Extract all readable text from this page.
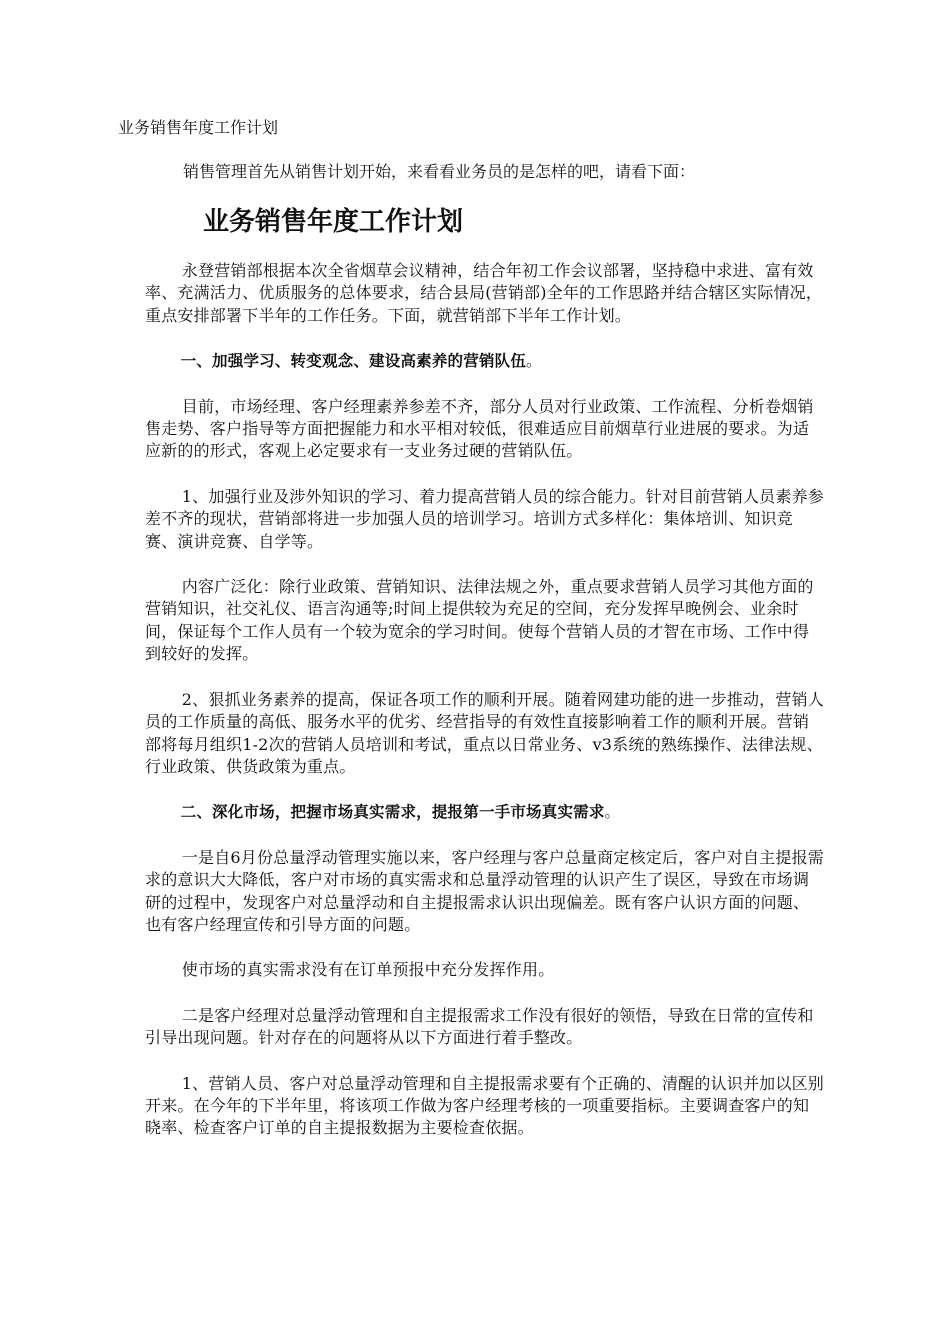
业务销售年度工作计划

销售管理首先从销售计划开始，来看看业务员的是怎样的吧，请看下面：

业务销售年度工作计划

永登营销部根据本次全省烟草会议精神，结合年初工作会议部署，坚持稳中求进、富有效率、充满活力、优质服务的总体要求，结合县局(营销部)全年的工作思路并结合辖区实际情况，重点安排部署下半年的工作任务。下面，就营销部下半年工作计划。

一、加强学习、转变观念、建设高素养的营销队伍。

目前，市场经理、客户经理素养参差不齐，部分人员对行业政策、工作流程、分析卷烟销售走势、客户指导等方面把握能力和水平相对较低，很难适应目前烟草行业进展的要求。为适应新的的形式，客观上必定要求有一支业务过硬的营销队伍。

1、加强行业及涉外知识的学习、着力提高营销人员的综合能力。针对目前营销人员素养参差不齐的现状，营销部将进一步加强人员的培训学习。培训方式多样化：集体培训、知识竞赛、演讲竞赛、自学等。

内容广泛化：除行业政策、营销知识、法律法规之外，重点要求营销人员学习其他方面的营销知识，社交礼仪、语言沟通等;时间上提供较为充足的空间，充分发挥早晚例会、业余时间，保证每个工作人员有一个较为宽余的学习时间。使每个营销人员的才智在市场、工作中得到较好的发挥。

2、狠抓业务素养的提高，保证各项工作的顺利开展。随着网建功能的进一步推动，营销人员的工作质量的高低、服务水平的优劣、经营指导的有效性直接影响着工作的顺利开展。营销部将每月组织1-2次的营销人员培训和考试，重点以日常业务、v3系统的熟练操作、法律法规、行业政策、供货政策为重点。

二、深化市场，把握市场真实需求，提报第一手市场真实需求。

一是自6月份总量浮动管理实施以来，客户经理与客户总量商定核定后，客户对自主提报需求的意识大大降低，客户对市场的真实需求和总量浮动管理的认识产生了误区，导致在市场调研的过程中，发现客户对总量浮动和自主提报需求认识出现偏差。既有客户认识方面的问题、也有客户经理宣传和引导方面的问题。

使市场的真实需求没有在订单预报中充分发挥作用。

二是客户经理对总量浮动管理和自主提报需求工作没有很好的领悟，导致在日常的宣传和引导出现问题。针对存在的问题将从以下方面进行着手整改。

1、营销人员、客户对总量浮动管理和自主提报需求要有个正确的、清醒的认识并加以区别开来。在今年的下半年里，将该项工作做为客户经理考核的一项重要指标。主要调查客户的知晓率、检查客户订单的自主提报数据为主要检查依据。
